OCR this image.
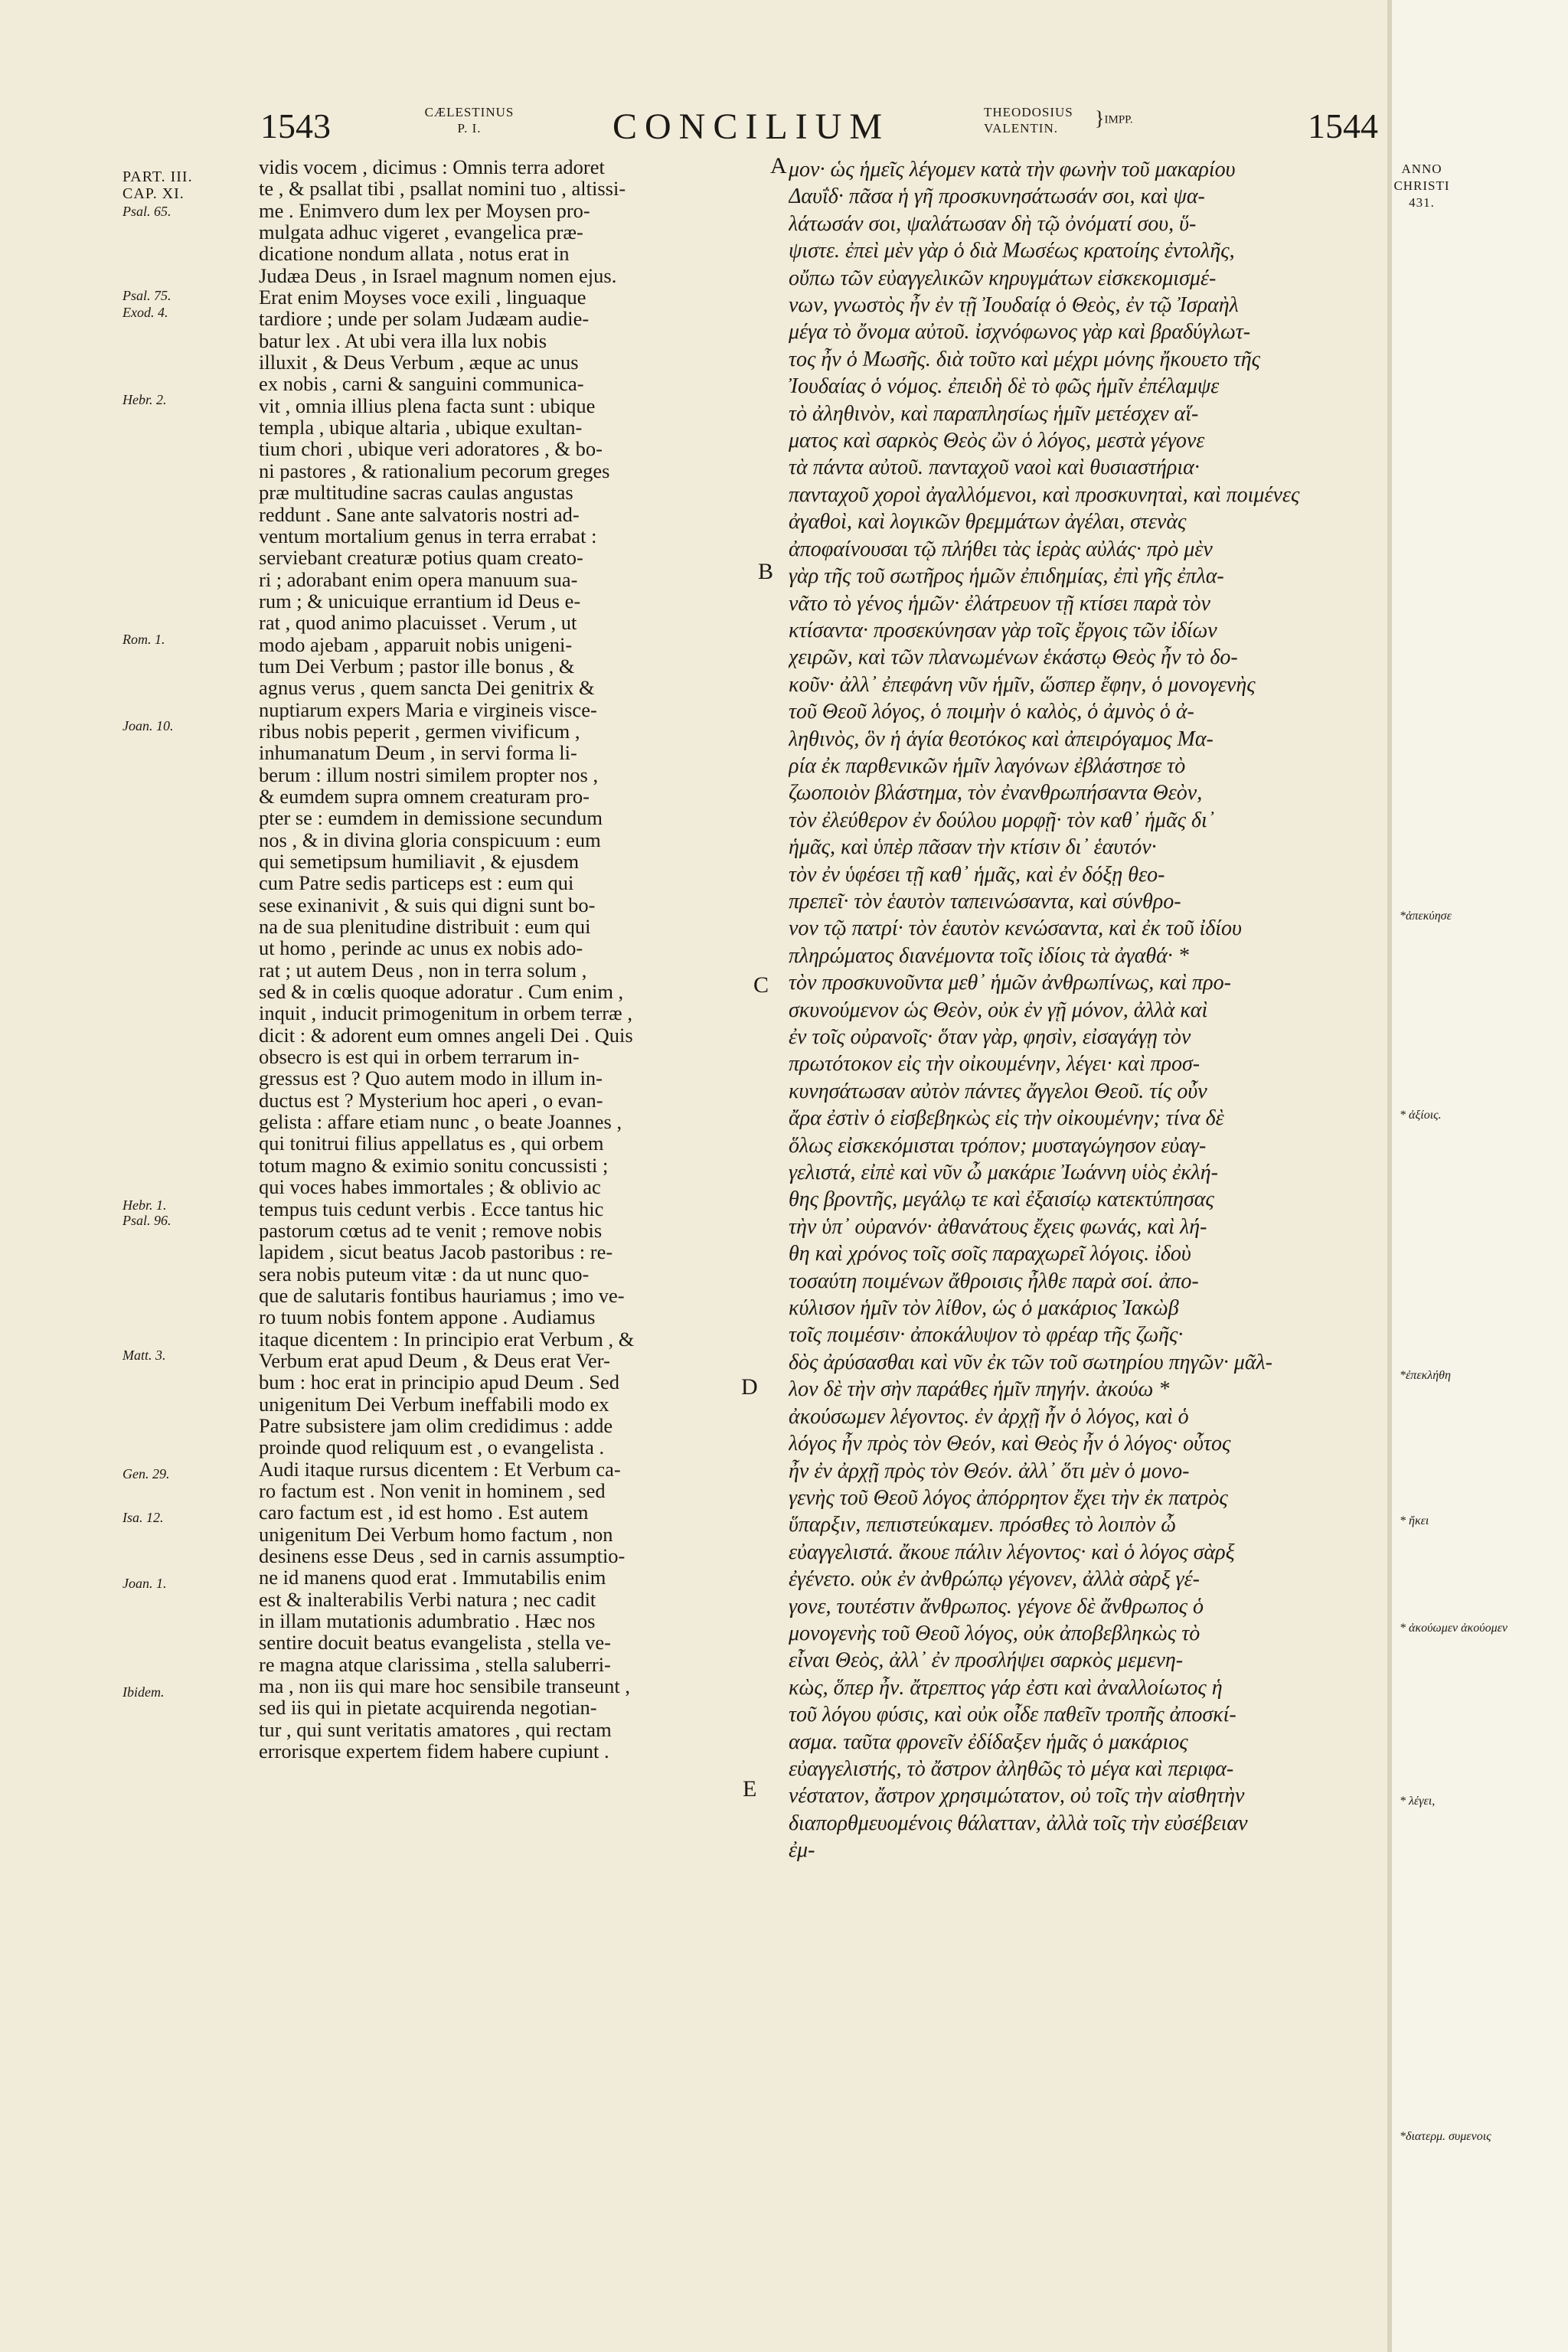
1543	CÆLESTINUS
P. I.	CONCILIUM	THEODOSIUS
VALENTIN.	}IMPP.	1544
ANNO
CHRISTI
431.
PART. III.
CAP. XI.
Psal. 65.
Psal. 75.
Exod. 4.
Hebr. 2.
Rom. 1.
Joan. 10.
Hebr. 1.
Psal. 96.
Matt. 3.
Gen. 29.
Isa. 12.
Joan. 1.
Ibidem.
vidis vocem , dicimus : Omnis terra adoret
te , & psallat tibi , psallat nomini tuo , altissi-
me . Enimvero dum lex per Moysen pro-
mulgata adhuc vigeret , evangelica præ-
dicatione nondum allata , notus erat in
Judæa Deus , in Israel magnum nomen ejus.
Erat enim Moyses voce exili , linguaque
tardiore ; unde per solam Judæam audie-
batur lex . At ubi vera illa lux nobis
illuxit , & Deus Verbum , æque ac unus
ex nobis , carni & sanguini communica-
vit , omnia illius plena facta sunt : ubique
templa , ubique altaria , ubique exultan-
tium chori , ubique veri adoratores , & bo-
ni pastores , & rationalium pecorum greges
præ multitudine sacras caulas angustas
reddunt . Sane ante salvatoris nostri ad-
ventum mortalium genus in terra errabat :
serviebant creaturæ potius quam creato-
ri ; adorabant enim opera manuum sua-
rum ; & unicuique errantium id Deus e-
rat , quod animo placuisset . Verum , ut
modo ajebam , apparuit nobis unigeni-
tum Dei Verbum ; pastor ille bonus , &
agnus verus , quem sancta Dei genitrix &
nuptiarum expers Maria e virgineis visce-
ribus nobis peperit , germen vivificum ,
inhumanatum Deum , in servi forma li-
berum : illum nostri similem propter nos ,
& eumdem supra omnem creaturam pro-
pter se : eumdem in demissione secundum
nos , & in divina gloria conspicuum : eum
qui semetipsum humiliavit , & ejusdem
cum Patre sedis particeps est : eum qui
sese exinanivit , & suis qui digni sunt bo-
na de sua plenitudine distribuit : eum qui
ut homo , perinde ac unus ex nobis ado-
rat ; ut autem Deus , non in terra solum ,
sed & in cœlis quoque adoratur . Cum enim ,
inquit , inducit primogenitum in orbem terræ ,
dicit : & adorent eum omnes angeli Dei . Quis
obsecro is est qui in orbem terrarum in-
gressus est ? Quo autem modo in illum in-
ductus est ? Mysterium hoc aperi , o evan-
gelista : affare etiam nunc , o beate Joannes ,
qui tonitrui filius appellatus es , qui orbem
totum magno & eximio sonitu concussisti ;
qui voces habes immortales ; & oblivio ac
tempus tuis cedunt verbis . Ecce tantus hic
pastorum cœtus ad te venit ; remove nobis
lapidem , sicut beatus Jacob pastoribus : re-
sera nobis puteum vitæ : da ut nunc quo-
que de salutaris fontibus hauriamus ; imo ve-
ro tuum nobis fontem appone . Audiamus
itaque dicentem : In principio erat Verbum , &
Verbum erat apud Deum , & Deus erat Ver-
bum : hoc erat in principio apud Deum . Sed
unigenitum Dei Verbum ineffabili modo ex
Patre subsistere jam olim credidimus : adde
proinde quod reliquum est , o evangelista .
Audi itaque rursus dicentem : Et Verbum ca-
ro factum est . Non venit in hominem , sed
caro factum est , id est homo . Est autem
unigenitum Dei Verbum homo factum , non
desinens esse Deus , sed in carnis assumptio-
ne id manens quod erat . Immutabilis enim
est & inalterabilis Verbi natura ; nec cadit
in illam mutationis adumbratio . Hæc nos
sentire docuit beatus evangelista , stella ve-
re magna atque clarissima , stella saluberri-
ma , non iis qui mare hoc sensibile transeunt ,
sed iis qui in pietate acquirenda negotian-
tur , qui sunt veritatis amatores , qui rectam
errorisque expertem fidem habere cupiunt .
A
B
C
D
E
μον· ὡς ἡμεῖς λέγομεν κατὰ τὴν φωνὴν τοῦ μακαρίου
Δαυΐδ· πᾶσα ἡ γῆ προσκυνησάτωσάν σοι, καὶ ψα-
λάτωσάν σοι, ψαλάτωσαν δὴ τῷ ὀνόματί σου, ὕ-
ψιστε. ἐπεὶ μὲν γὰρ ὁ διὰ Μωσέως κρατοίης ἐντολῆς,
οὔπω τῶν εὐαγγελικῶν κηρυγμάτων εἰσκεκομισμέ-
νων, γνωστὸς ἦν ἐν τῇ Ἰουδαίᾳ ὁ Θεὸς, ἐν τῷ Ἰσραὴλ
μέγα τὸ ὄνομα αὐτοῦ. ἰσχνόφωνος γὰρ καὶ βραδύγλωτ-
τος ἦν ὁ Μωσῆς. διὰ τοῦτο καὶ μέχρι μόνης ἤκουετο τῆς
Ἰουδαίας ὁ νόμος. ἐπειδὴ δὲ τὸ φῶς ἡμῖν ἐπέλαμψε
τὸ ἀληθινὸν, καὶ παραπλησίως ἡμῖν μετέσχεν αἵ-
ματος καὶ σαρκὸς Θεὸς ὢν ὁ λόγος, μεστὰ γέγονε
τὰ πάντα αὐτοῦ. πανταχοῦ ναοὶ καὶ θυσιαστήρια·
πανταχοῦ χοροὶ ἀγαλλόμενοι, καὶ προσκυνηταὶ, καὶ ποιμένες
ἀγαθοὶ, καὶ λογικῶν θρεμμάτων ἀγέλαι, στενὰς
ἀποφαίνουσαι τῷ πλήθει τὰς ἱερὰς αὐλάς· πρὸ μὲν
γὰρ τῆς τοῦ σωτῆρος ἡμῶν ἐπιδημίας, ἐπὶ γῆς ἐπλα-
νᾶτο τὸ γένος ἡμῶν· ἐλάτρευον τῇ κτίσει παρὰ τὸν
κτίσαντα· προσεκύνησαν γὰρ τοῖς ἔργοις τῶν ἰδίων
χειρῶν, καὶ τῶν πλανωμένων ἑκάστῳ Θεὸς ἦν τὸ δο-
κοῦν· ἀλλ᾽ ἐπεφάνη νῦν ἡμῖν, ὥσπερ ἔφην, ὁ μονογενὴς
τοῦ Θεοῦ λόγος, ὁ ποιμὴν ὁ καλὸς, ὁ ἀμνὸς ὁ ἀ-
ληθινὸς, ὃν ἡ ἁγία θεοτόκος καὶ ἀπειρόγαμος Μα-
ρία ἐκ παρθενικῶν ἡμῖν λαγόνων ἐβλάστησε τὸ
ζωοποιὸν βλάστημα, τὸν ἐνανθρωπήσαντα Θεὸν,
τὸν ἐλεύθερον ἐν δούλου μορφῇ· τὸν καθ᾽ ἡμᾶς δι᾽
ἡμᾶς, καὶ ὑπὲρ πᾶσαν τὴν κτίσιν δι᾽ ἑαυτόν·
τὸν ἐν ὑφέσει τῇ καθ᾽ ἡμᾶς, καὶ ἐν δόξῃ θεο-
πρεπεῖ· τὸν ἑαυτὸν ταπεινώσαντα, καὶ σύνθρο-
νον τῷ πατρί· τὸν ἑαυτὸν κενώσαντα, καὶ ἐκ τοῦ ἰδίου
πληρώματος διανέμοντα τοῖς ἰδίοις τὰ ἀγαθά· *
τὸν προσκυνοῦντα μεθ᾽ ἡμῶν ἀνθρωπίνως, καὶ προ-
σκυνούμενον ὡς Θεὸν, οὐκ ἐν γῇ μόνον, ἀλλὰ καὶ
ἐν τοῖς οὐρανοῖς· ὅταν γὰρ, φησὶν, εἰσαγάγῃ τὸν
πρωτότοκον εἰς τὴν οἰκουμένην, λέγει· καὶ προσ-
κυνησάτωσαν αὐτὸν πάντες ἄγγελοι Θεοῦ. τίς οὖν
ἄρα ἐστὶν ὁ εἰσβεβηκὼς εἰς τὴν οἰκουμένην; τίνα δὲ
ὅλως εἰσκεκόμισται τρόπον; μυσταγώγησον εὐαγ-
γελιστά, εἰπὲ καὶ νῦν ὦ μακάριε Ἰωάννη υἱὸς ἐκλή-
θης βροντῆς, μεγάλῳ τε καὶ ἐξαισίῳ κατεκτύπησας
τὴν ὑπ᾽ οὐρανόν· ἀθανάτους ἔχεις φωνάς, καὶ λή-
θη καὶ χρόνος τοῖς σοῖς παραχωρεῖ λόγοις. ἰδοὺ
τοσαύτη ποιμένων ἄθροισις ἦλθε παρὰ σοί. ἀπο-
κύλισον ἡμῖν τὸν λίθον, ὡς ὁ μακάριος Ἰακὼβ
τοῖς ποιμέσιν· ἀποκάλυψον τὸ φρέαρ τῆς ζωῆς·
δὸς ἀρύσασθαι καὶ νῦν ἐκ τῶν τοῦ σωτηρίου πηγῶν· μᾶλ-
λον δὲ τὴν σὴν παράθες ἡμῖν πηγήν. ἀκούω *
ἀκούσωμεν λέγοντος. ἐν ἀρχῇ ἦν ὁ λόγος, καὶ ὁ
λόγος ἦν πρὸς τὸν Θεόν, καὶ Θεὸς ἦν ὁ λόγος· οὗτος
ἦν ἐν ἀρχῇ πρὸς τὸν Θεόν. ἀλλ᾽ ὅτι μὲν ὁ μονο-
γενὴς τοῦ Θεοῦ λόγος ἀπόρρητον ἔχει τὴν ἐκ πατρὸς
ὕπαρξιν, πεπιστεύκαμεν. πρόσθες τὸ λοιπὸν ὦ
εὐαγγελιστά. ἄκουε πάλιν λέγοντος· καὶ ὁ λόγος σὰρξ
ἐγένετο. οὐκ ἐν ἀνθρώπῳ γέγονεν, ἀλλὰ σὰρξ γέ-
γονε, τουτέστιν ἄνθρωπος. γέγονε δὲ ἄνθρωπος ὁ
μονογενὴς τοῦ Θεοῦ λόγος, οὐκ ἀποβεβληκὼς τὸ
εἶναι Θεὸς, ἀλλ᾽ ἐν προσλήψει σαρκὸς μεμενη-
κὼς, ὅπερ ἦν. ἄτρεπτος γάρ ἐστι καὶ ἀναλλοίωτος ἡ
τοῦ λόγου φύσις, καὶ οὐκ οἶδε παθεῖν τροπῆς ἀποσκί-
ασμα. ταῦτα φρονεῖν ἐδίδαξεν ἡμᾶς ὁ μακάριος
εὐαγγελιστής, τὸ ἄστρον ἀληθῶς τὸ μέγα καὶ περιφα-
νέστατον, ἄστρον χρησιμώτατον, οὐ τοῖς τὴν αἰσθητὴν
διαπορθμευομένοις θάλατταν, ἀλλὰ τοῖς τὴν εὐσέβειαν
ἐμ-
*ἀπεκύησε
* ἀξίοις.
*ἐπεκλήθη
* ἤκει
* ἀκούωμεν ἀκούομεν
* λέγει,
*διατερμ. συμενοις
